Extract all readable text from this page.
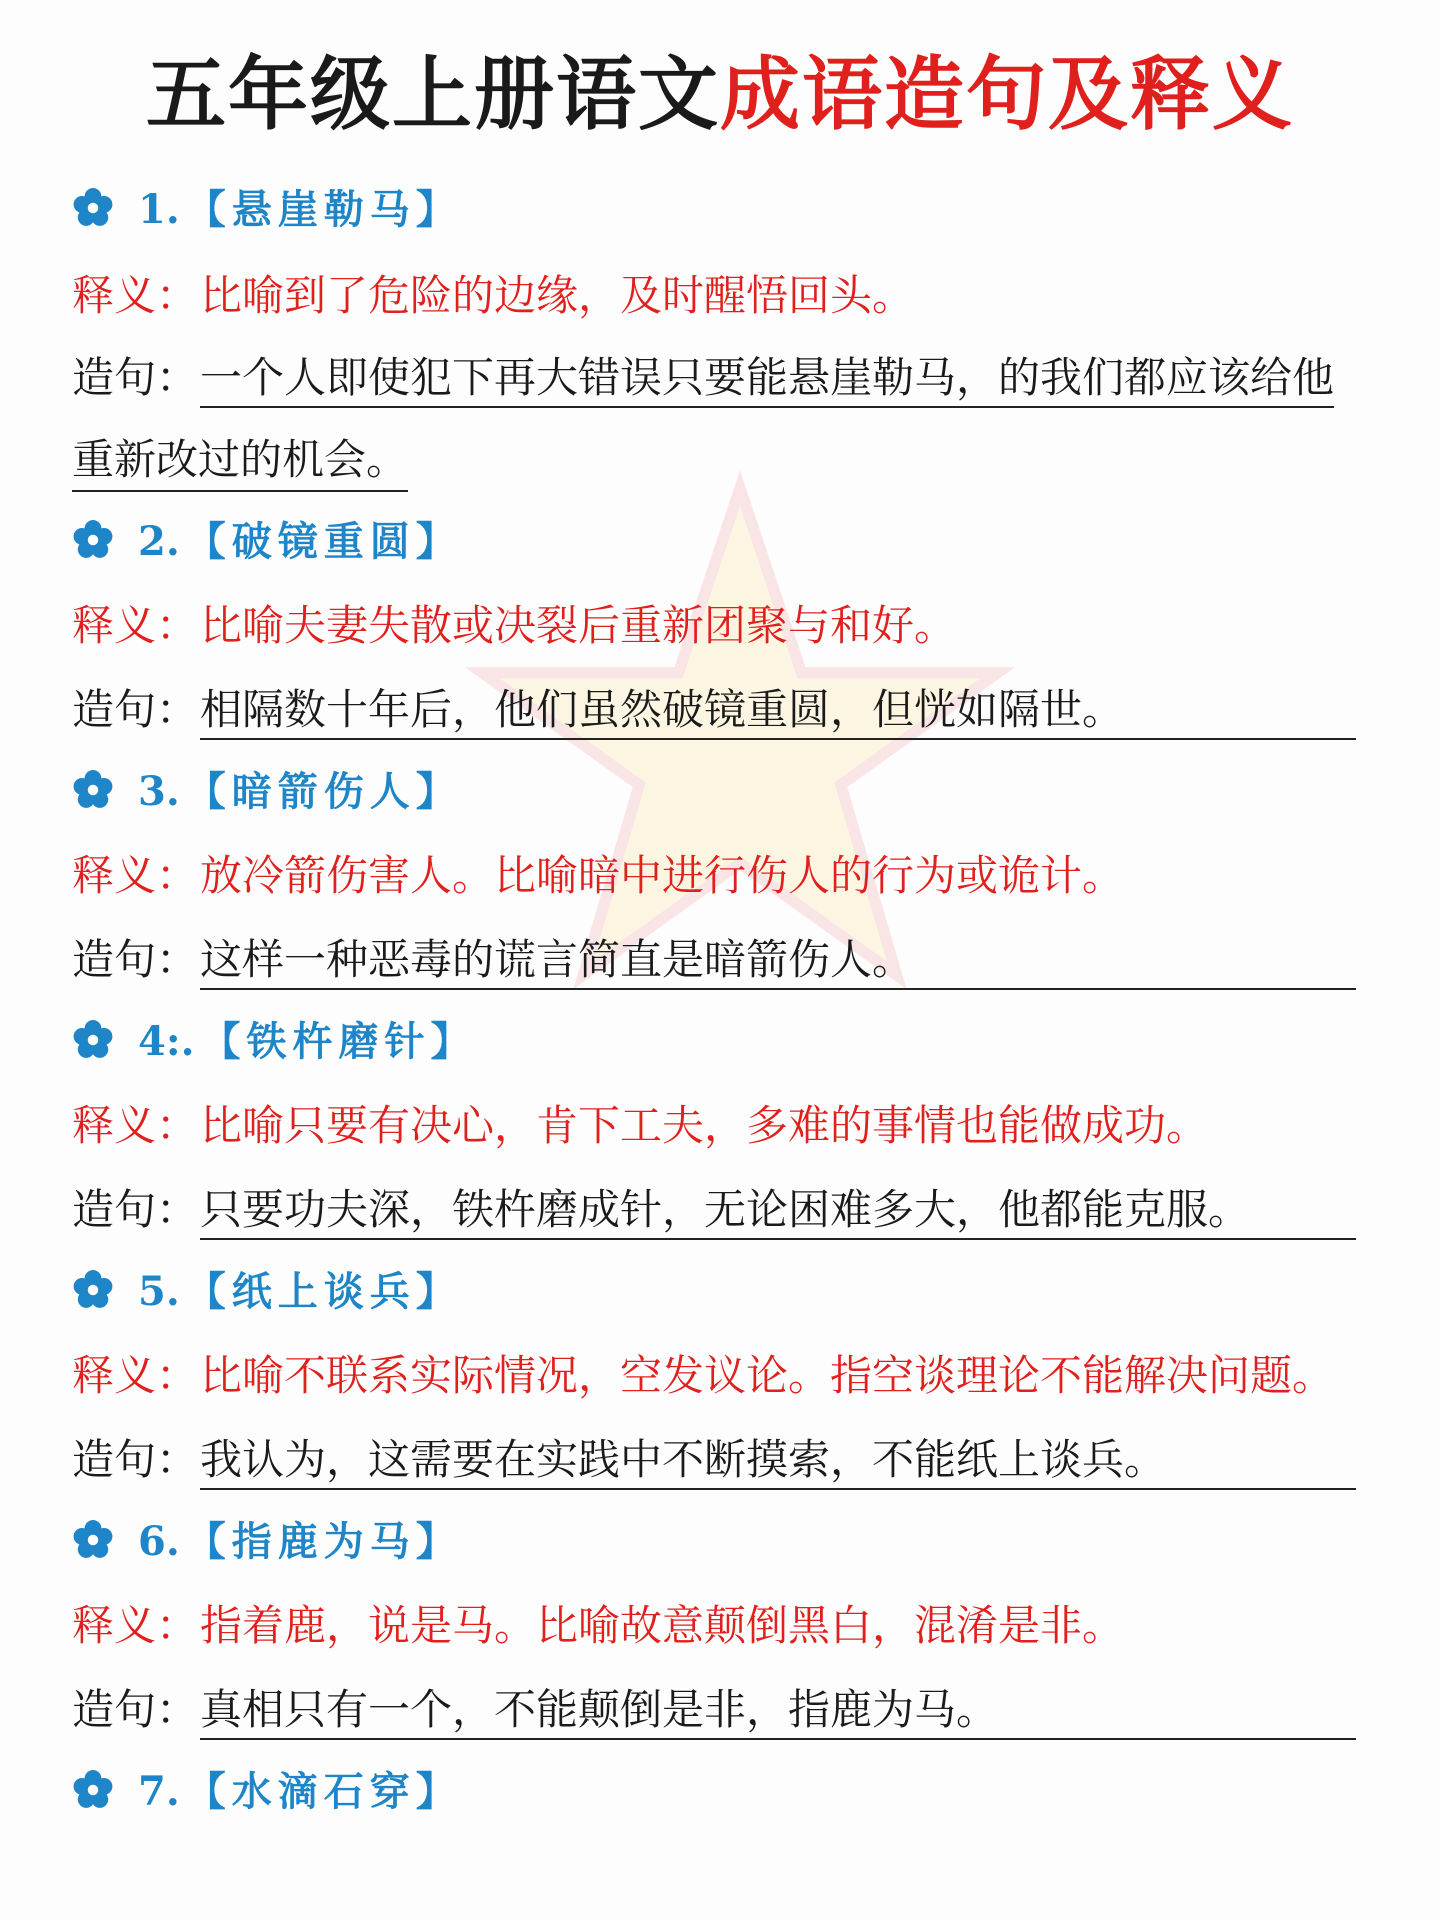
五年级上册语文成语造句及释义
1. 【悬崖勒马】
释义：比喻到了危险的边缘，及时醒悟回头。
造句：一个人即使犯下再大错误只要能悬崖勒马，的我们都应该给他
重新改过的机会。
2. 【破镜重圆】
释义：比喻夫妻失散或决裂后重新团聚与和好。
造句：相隔数十年后，他们虽然破镜重圆，但恍如隔世。
3. 【暗箭伤人】
释义：放冷箭伤害人。比喻暗中进行伤人的行为或诡计。
造句：这样一种恶毒的谎言简直是暗箭伤人。
4:. 【铁杵磨针】
释义：比喻只要有决心，肯下工夫，多难的事情也能做成功。
造句：只要功夫深，铁杵磨成针，无论困难多大，他都能克服。
5. 【纸上谈兵】
释义：比喻不联系实际情况，空发议论。指空谈理论不能解决问题。
造句：我认为，这需要在实践中不断摸索，不能纸上谈兵。
6. 【指鹿为马】
释义：指着鹿，说是马。比喻故意颠倒黑白，混淆是非。
造句：真相只有一个，不能颠倒是非，指鹿为马。
7. 【水滴石穿】
